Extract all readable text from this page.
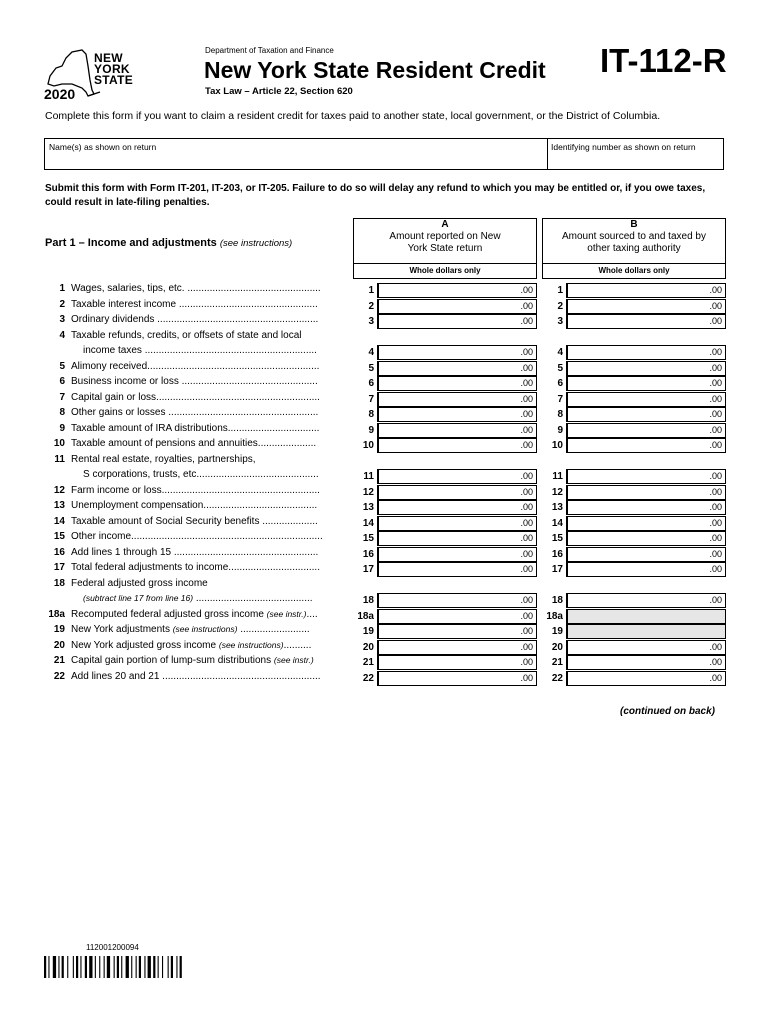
NEW
YORK
STATE
2020
Department of Taxation and Finance
New York State Resident Credit
Tax Law – Article 22, Section 620
IT-112-R
Complete this form if you want to claim a resident credit for taxes paid to another state, local government, or the District of Columbia.
Name(s) as shown on return	Identifying number as shown on return
Submit this form with Form IT-201, IT-203, or IT-205. Failure to do so will delay any refund to which you may be entitled or, if you owe taxes, could result in late-filing penalties.
Part 1 – Income and adjustments (see instructions)
A
Amount reported on New York State return
B
Amount sourced to and taxed by other taxing authority
Whole dollars only	Whole dollars only
1 Wages, salaries, tips, etc. ................................................	1	.00	1	.00
2 Taxable interest income ..................................................	2	.00	2	.00
3 Ordinary dividends ..........................................................	3	.00	3	.00
4 Taxable refunds, credits, or offsets of state and local
income taxes ..............................................................	4	.00	4	.00
5 Alimony received..............................................................	5	.00	5	.00
6 Business income or loss .................................................	6	.00	6	.00
7 Capital gain or loss...........................................................	7	.00	7	.00
8 Other gains or losses ......................................................	8	.00	8	.00
9 Taxable amount of IRA distributions.................................	9	.00	9	.00
10 Taxable amount of pensions and annuities.....................	10	.00	10	.00
11 Rental real estate, royalties, partnerships,
S corporations, trusts, etc............................................	11	.00	11	.00
12 Farm income or loss.........................................................	12	.00	12	.00
13 Unemployment compensation.........................................	13	.00	13	.00
14 Taxable amount of Social Security benefits ....................	14	.00	14	.00
15 Other income.....................................................................	15	.00	15	.00
16 Add lines 1 through 15 ....................................................	16	.00	16	.00
17 Total federal adjustments to income.................................	17	.00	17	.00
18 Federal adjusted gross income
(subtract line 17 from line 16) ..........................................	18	.00	18	.00
18a Recomputed federal adjusted gross income (see instr.)....	18a	.00	18a
19 New York adjustments (see instructions) .........................	19	.00	19
20 New York adjusted gross income (see instructions)..........	20	.00	20	.00
21 Capital gain portion of lump-sum distributions (see instr.)	21	.00	21	.00
22 Add lines 20 and 21 .........................................................	22	.00	22	.00
(continued on back)
112001200094
